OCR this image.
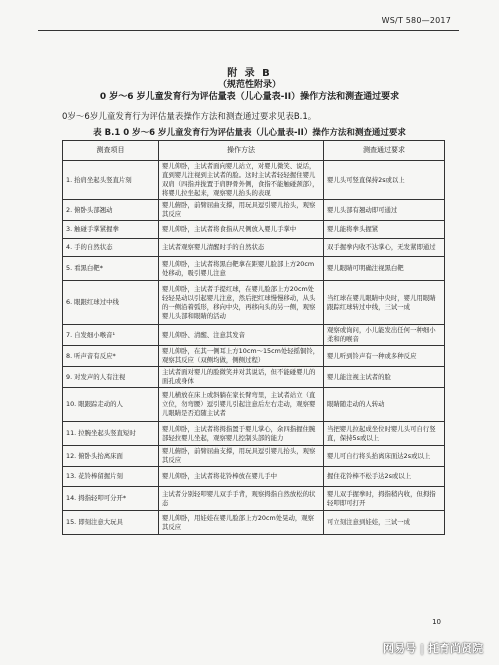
WS/T 580—2017
附 录 B
（规范性附录）
0 岁～6 岁儿童发育行为评估量表（儿心量表-II）操作方法和测查通过要求
0岁～6岁儿童发育行为评估量表操作方法和测查通过要求见表B.1。
表 B.1 0 岁～6 岁儿童发育行为评估量表（儿心量表-II）操作方法和测查通过要求
测查项目	操作方法	测查通过要求
1. 抬肩坐起头竖直片刻	婴儿仰卧，主试者面向婴儿站立，对婴儿微笑、说话，直到婴儿注视到主试者的脸。这时主试者轻轻握住婴儿双肩（四指并拢置于肩胛骨外侧，食指不能触碰颈部），将婴儿拉坐起来，观察婴儿抬头的表现	婴儿头可竖直保持2s或以上
2. 俯卧头部翘动	婴儿俯卧，前臂屈曲支撑，用玩具逗引婴儿抬头，观察其反应	婴儿头部有翘动即可通过
3. 触碰手掌紧握拳	婴儿仰卧，主试者将食指从尺侧放入婴儿手掌中	婴儿能将拳头握紧
4. 手的自然状态	主试者观察婴儿清醒时手的自然状态	双手握拳内收不达掌心，无发紧即通过
5. 看黑白靶*	婴儿仰卧，主试者将黑白靶拿在距婴儿脸部上方20cm处移动，吸引婴儿注意	婴儿眼睛可明确注视黑白靶
6. 眼跟红球过中线	婴儿仰卧，主试者手提红球，在婴儿脸部上方20cm处轻轻晃动以引起婴儿注意，然后把红球慢慢移动，从头的一侧沿着弧形，移向中央，再移向头的另一侧，观察婴儿头部和眼睛的活动	当红球在婴儿眼睛中央时，婴儿用眼睛跟踪红球转过中线，三试一成
7. 自发细小喉音¹	婴儿仰卧、清醒、注意其发音	观察或询问，小儿能发出任何一种细小柔和的喉音
8. 听声音有反应*	婴儿仰卧，在其一侧耳上方10cm～15cm处轻摇铜铃，观察其反应（双侧均做，侧侧过程）	婴儿听到铃声有一种或多种反应
9. 对发声的人有注视	主试者面对婴儿的脸微笑并对其说话，但不能碰婴儿的面孔或身体	婴儿能注视主试者的脸
10. 眼跟踪走动的人	婴儿横放在床上或斜躺在家长臂弯里，主试者站立（直立位，勿弯腰）逗引婴儿引起注意后左右走动，观察婴儿眼睛是否追随主试者	眼睛随走动的人转动
11. 拉腕坐起头竖直短时	婴儿仰卧，主试者将拇指置于婴儿掌心，余四指握住腕部轻拉婴儿坐起，观察婴儿控制头部的能力	当把婴儿拉起成坐位时婴儿头可自行竖直，保持5s或以上
12. 俯卧头抬离床面	婴儿俯卧，前臂屈曲支撑，用玩具逗引婴儿抬头，观察其反应	婴儿可自行将头抬离床面达2s或以上
13. 花铃棒留握片刻	婴儿仰卧，主试者将花铃棒放在婴儿手中	握住花铃棒不松手达2s或以上
14. 拇指轻叩可分开*	主试者分别轻叩婴儿双手手背，观察拇指自然放松的状态	婴儿双手握拳时，拇指稍内收，但拇指轻叩即可打开
15. 即刻注意大玩具	婴儿仰卧，用娃娃在婴儿脸部上方20cm处晃动，观察其反应	可立刻注意到娃娃，三试一成
10
网易号 | 托育尚贤院
